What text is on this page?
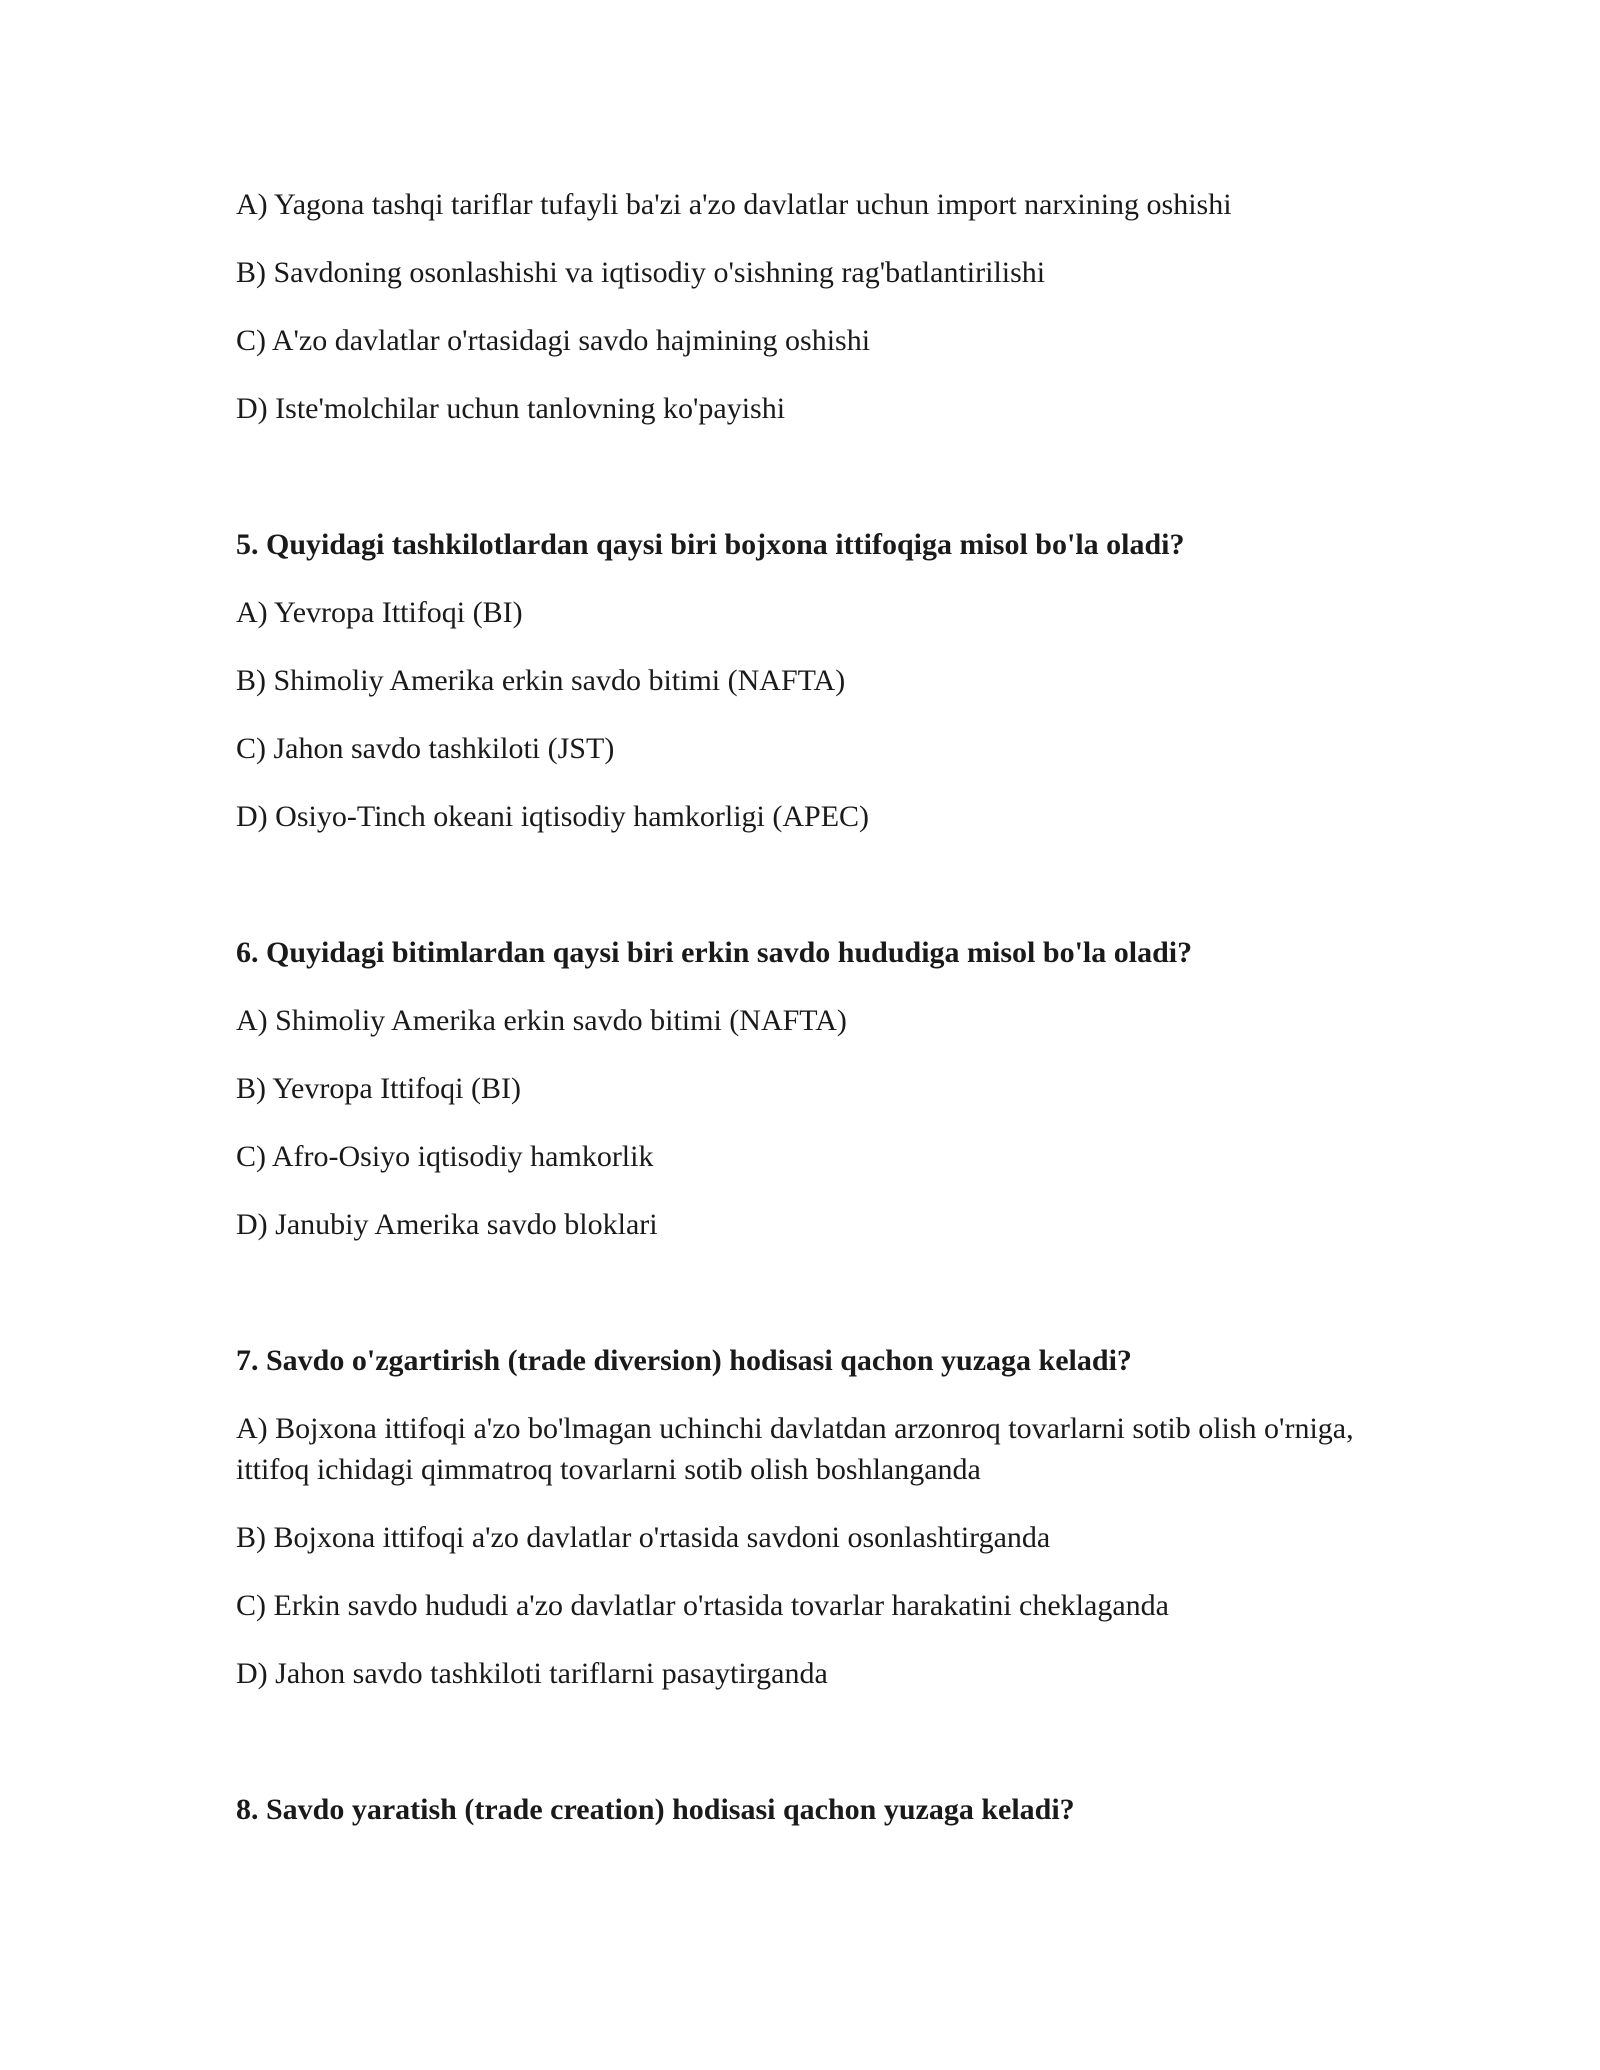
A) Yagona tashqi tariflar tufayli ba'zi a'zo davlatlar uchun import narxining oshishi

B) Savdoning osonlashishi va iqtisodiy o'sishning rag'batlantirilishi

C) A'zo davlatlar o'rtasidagi savdo hajmining oshishi

D) Iste'molchilar uchun tanlovning ko'payishi

5. Quyidagi tashkilotlardan qaysi biri bojxona ittifoqiga misol bo'la oladi?

A) Yevropa Ittifoqi (BI)

B) Shimoliy Amerika erkin savdo bitimi (NAFTA)

C) Jahon savdo tashkiloti (JST)

D) Osiyo-Tinch okeani iqtisodiy hamkorligi (APEC)

6. Quyidagi bitimlardan qaysi biri erkin savdo hududiga misol bo'la oladi?

A) Shimoliy Amerika erkin savdo bitimi (NAFTA)

B) Yevropa Ittifoqi (BI)

C) Afro-Osiyo iqtisodiy hamkorlik

D) Janubiy Amerika savdo bloklari

7. Savdo o'zgartirish (trade diversion) hodisasi qachon yuzaga keladi?

A) Bojxona ittifoqi a'zo bo'lmagan uchinchi davlatdan arzonroq tovarlarni sotib olish o'rniga, ittifoq ichidagi qimmatroq tovarlarni sotib olish boshlanganda

B) Bojxona ittifoqi a'zo davlatlar o'rtasida savdoni osonlashtirganda

C) Erkin savdo hududi a'zo davlatlar o'rtasida tovarlar harakatini cheklaganda

D) Jahon savdo tashkiloti tariflarni pasaytirganda

8. Savdo yaratish (trade creation) hodisasi qachon yuzaga keladi?
